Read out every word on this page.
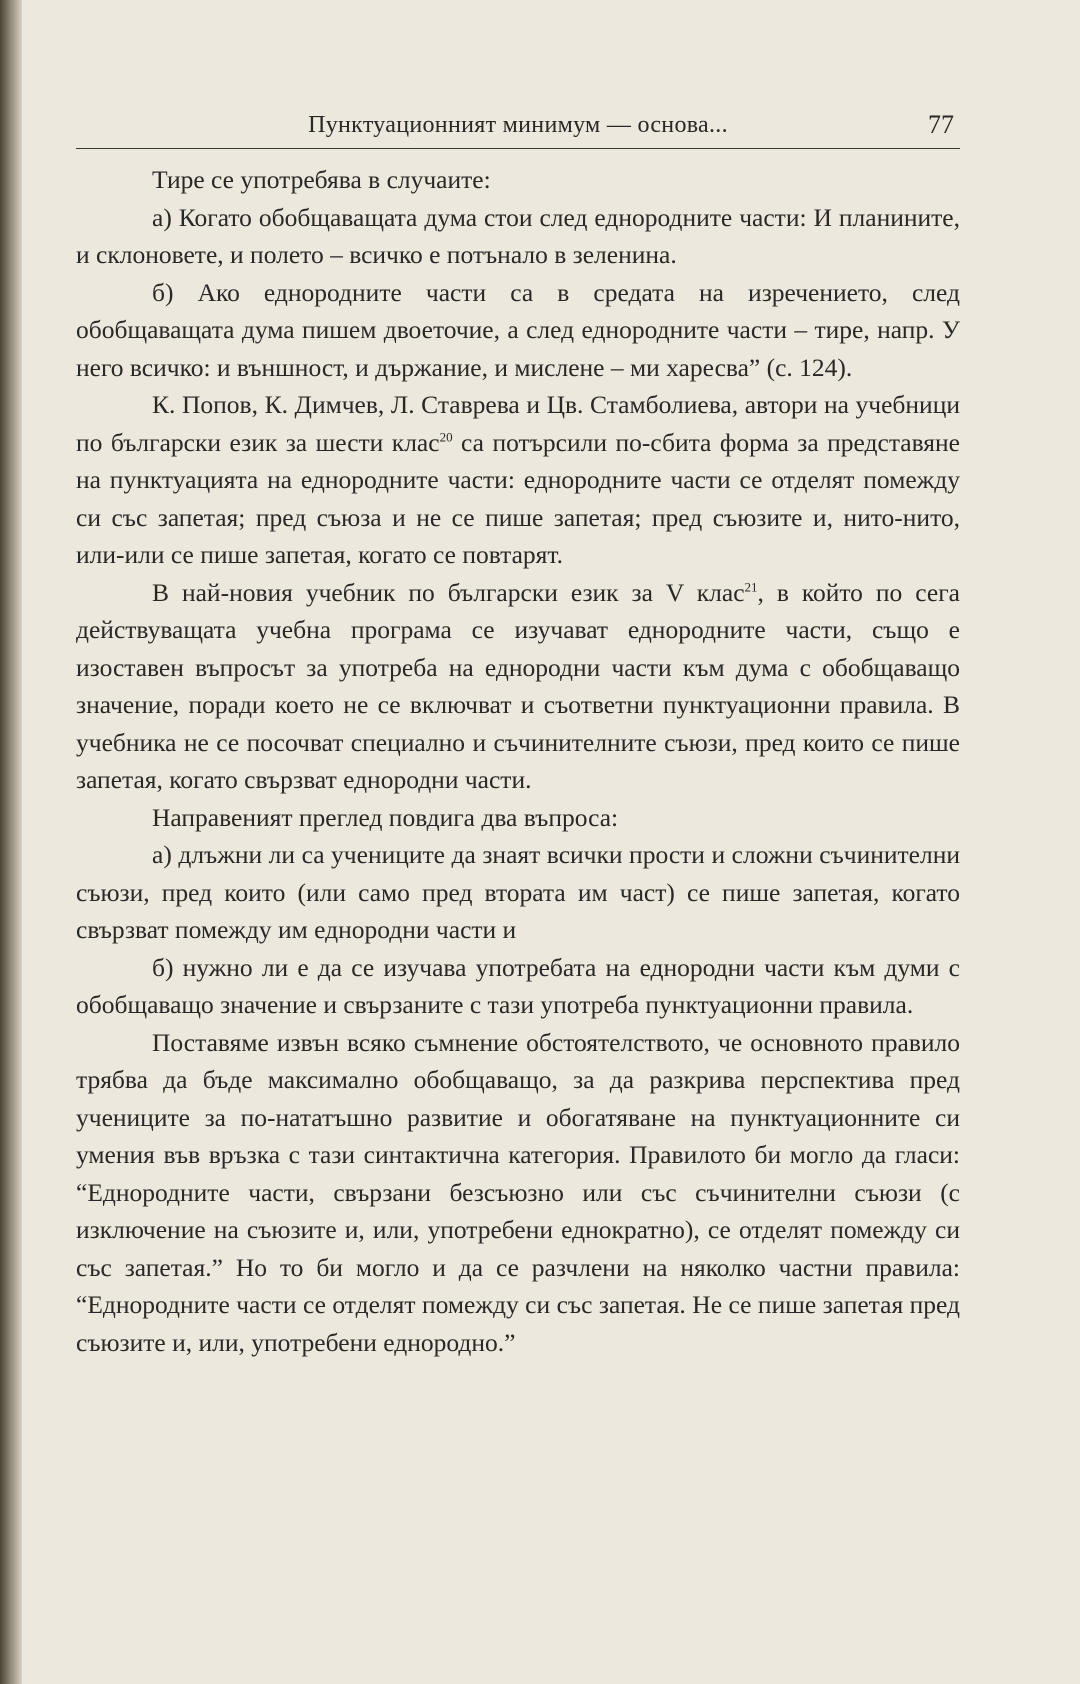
Пунктуационният минимум — основа...	77

Тире се употребява в случаите:

а) Когато обобщаващата дума стои след еднородните части: И планините, и склоновете, и полето – всичко е потънало в зеленина.

б) Ако еднородните части са в средата на изречението, след обобщаващата дума пишем двоеточие, а след еднородните части – тире, напр. У него всичко: и външност, и държание, и мислене – ми харесва” (с. 124).

К. Попов, К. Димчев, Л. Ставрева и Цв. Стамболиева, автори на учебници по български език за шести клас$^{20}$ са потърсили по-сбита форма за представяне на пунктуацията на еднородните части: еднородните части се отделят помежду си със запетая; пред съюза и не се пише запетая; пред съюзите и, нито-нито, или-или се пише запетая, когато се повтарят.

В най-новия учебник по български език за V клас$^{21}$, в който по сега действуващата учебна програма се изучават еднородните части, също е изоставен въпросът за употреба на еднородни части към дума с обобщаващо значение, поради което не се включват и съответни пунктуационни правила. В учебника не се посочват специално и съчинителните съюзи, пред които се пише запетая, когато свързват еднородни части.

Направеният преглед повдига два въпроса:

а) длъжни ли са учениците да знаят всички прости и сложни съчинителни съюзи, пред които (или само пред втората им част) се пише запетая, когато свързват помежду им еднородни части и

б) нужно ли е да се изучава употребата на еднородни части към думи с обобщаващо значение и свързаните с тази употреба пунктуационни правила.

Поставяме извън всяко съмнение обстоятелството, че основното правило трябва да бъде максимално обобщаващо, за да разкрива перспектива пред учениците за по-нататъшно развитие и обогатяване на пунктуационните си умения във връзка с тази синтактична категория. Правилото би могло да гласи: “Еднородните части, свързани безсъюзно или със съчинителни съюзи (с изключение на съюзите и, или, употребени еднократно), се отделят помежду си със запетая.” Но то би могло и да се разчлени на няколко частни правила: “Еднородните части се отделят помежду си със запетая. Не се пише запетая пред съюзите и, или, употребени еднородно.”
